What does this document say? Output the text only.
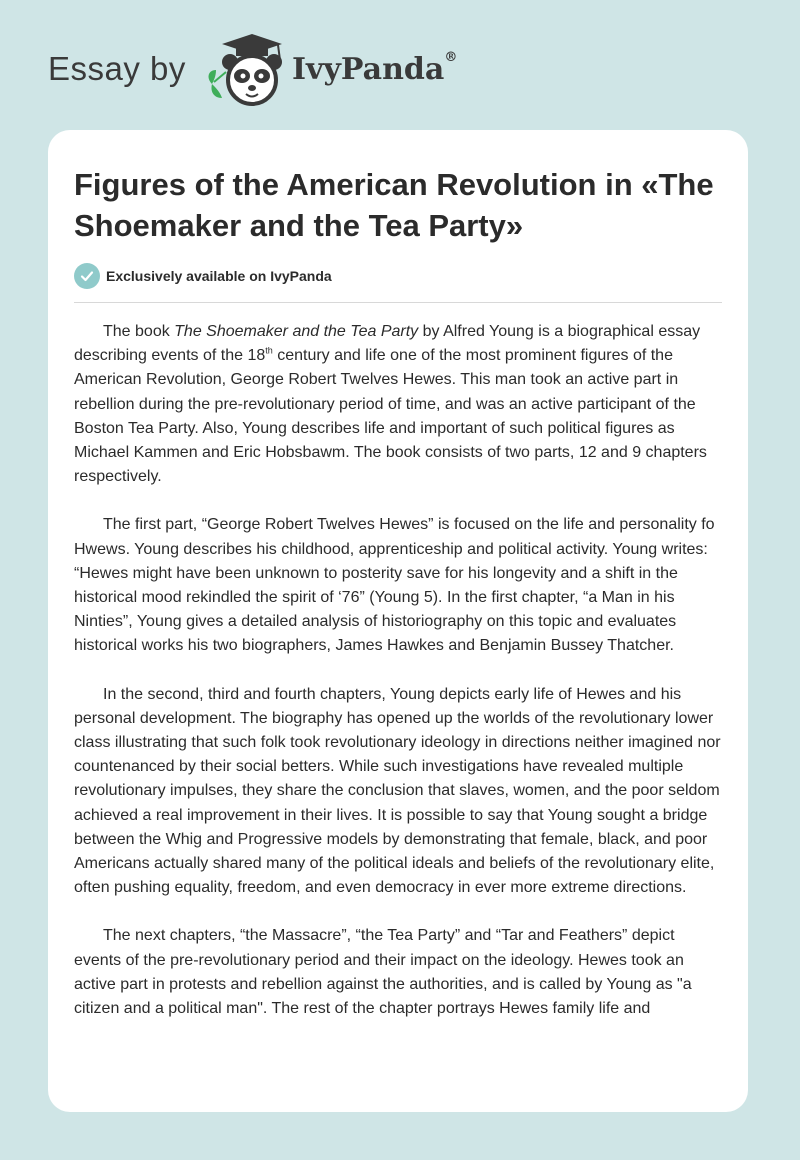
Essay by	IvyPanda®
Figures of the American Revolution in «The Shoemaker and the Tea Party»
Exclusively available on IvyPanda

The book The Shoemaker and the Tea Party by Alfred Young is a biographical essay describing events of the 18th century and life one of the most prominent figures of the American Revolution, George Robert Twelves Hewes. This man took an active part in rebellion during the pre-revolutionary period of time, and was an active participant of the Boston Tea Party. Also, Young describes life and important of such political figures as Michael Kammen and Eric Hobsbawm. The book consists of two parts, 12 and 9 chapters respectively.

The first part, “George Robert Twelves Hewes” is focused on the life and personality fo Hwews. Young describes his childhood, apprenticeship and political activity. Young writes: “Hewes might have been unknown to posterity save for his longevity and a shift in the historical mood rekindled the spirit of ‘76” (Young 5). In the first chapter, “a Man in his Ninties”, Young gives a detailed analysis of historiography on this topic and evaluates historical works his two biographers, James Hawkes and Benjamin Bussey Thatcher.

In the second, third and fourth chapters, Young depicts early life of Hewes and his personal development. The biography has opened up the worlds of the revolutionary lower class illustrating that such folk took revolutionary ideology in directions neither imagined nor countenanced by their social betters. While such investigations have revealed multiple revolutionary impulses, they share the conclusion that slaves, women, and the poor seldom achieved a real improvement in their lives. It is possible to say that Young sought a bridge between the Whig and Progressive models by demonstrating that female, black, and poor Americans actually shared many of the political ideals and beliefs of the revolutionary elite, often pushing equality, freedom, and even democracy in ever more extreme directions.

The next chapters, “the Massacre”, “the Tea Party” and “Tar and Feathers” depict events of the pre-revolutionary period and their impact on the ideology. Hewes took an active part in protests and rebellion against the authorities, and is called by Young as "a citizen and a political man". The rest of the chapter portrays Hewes family life and
